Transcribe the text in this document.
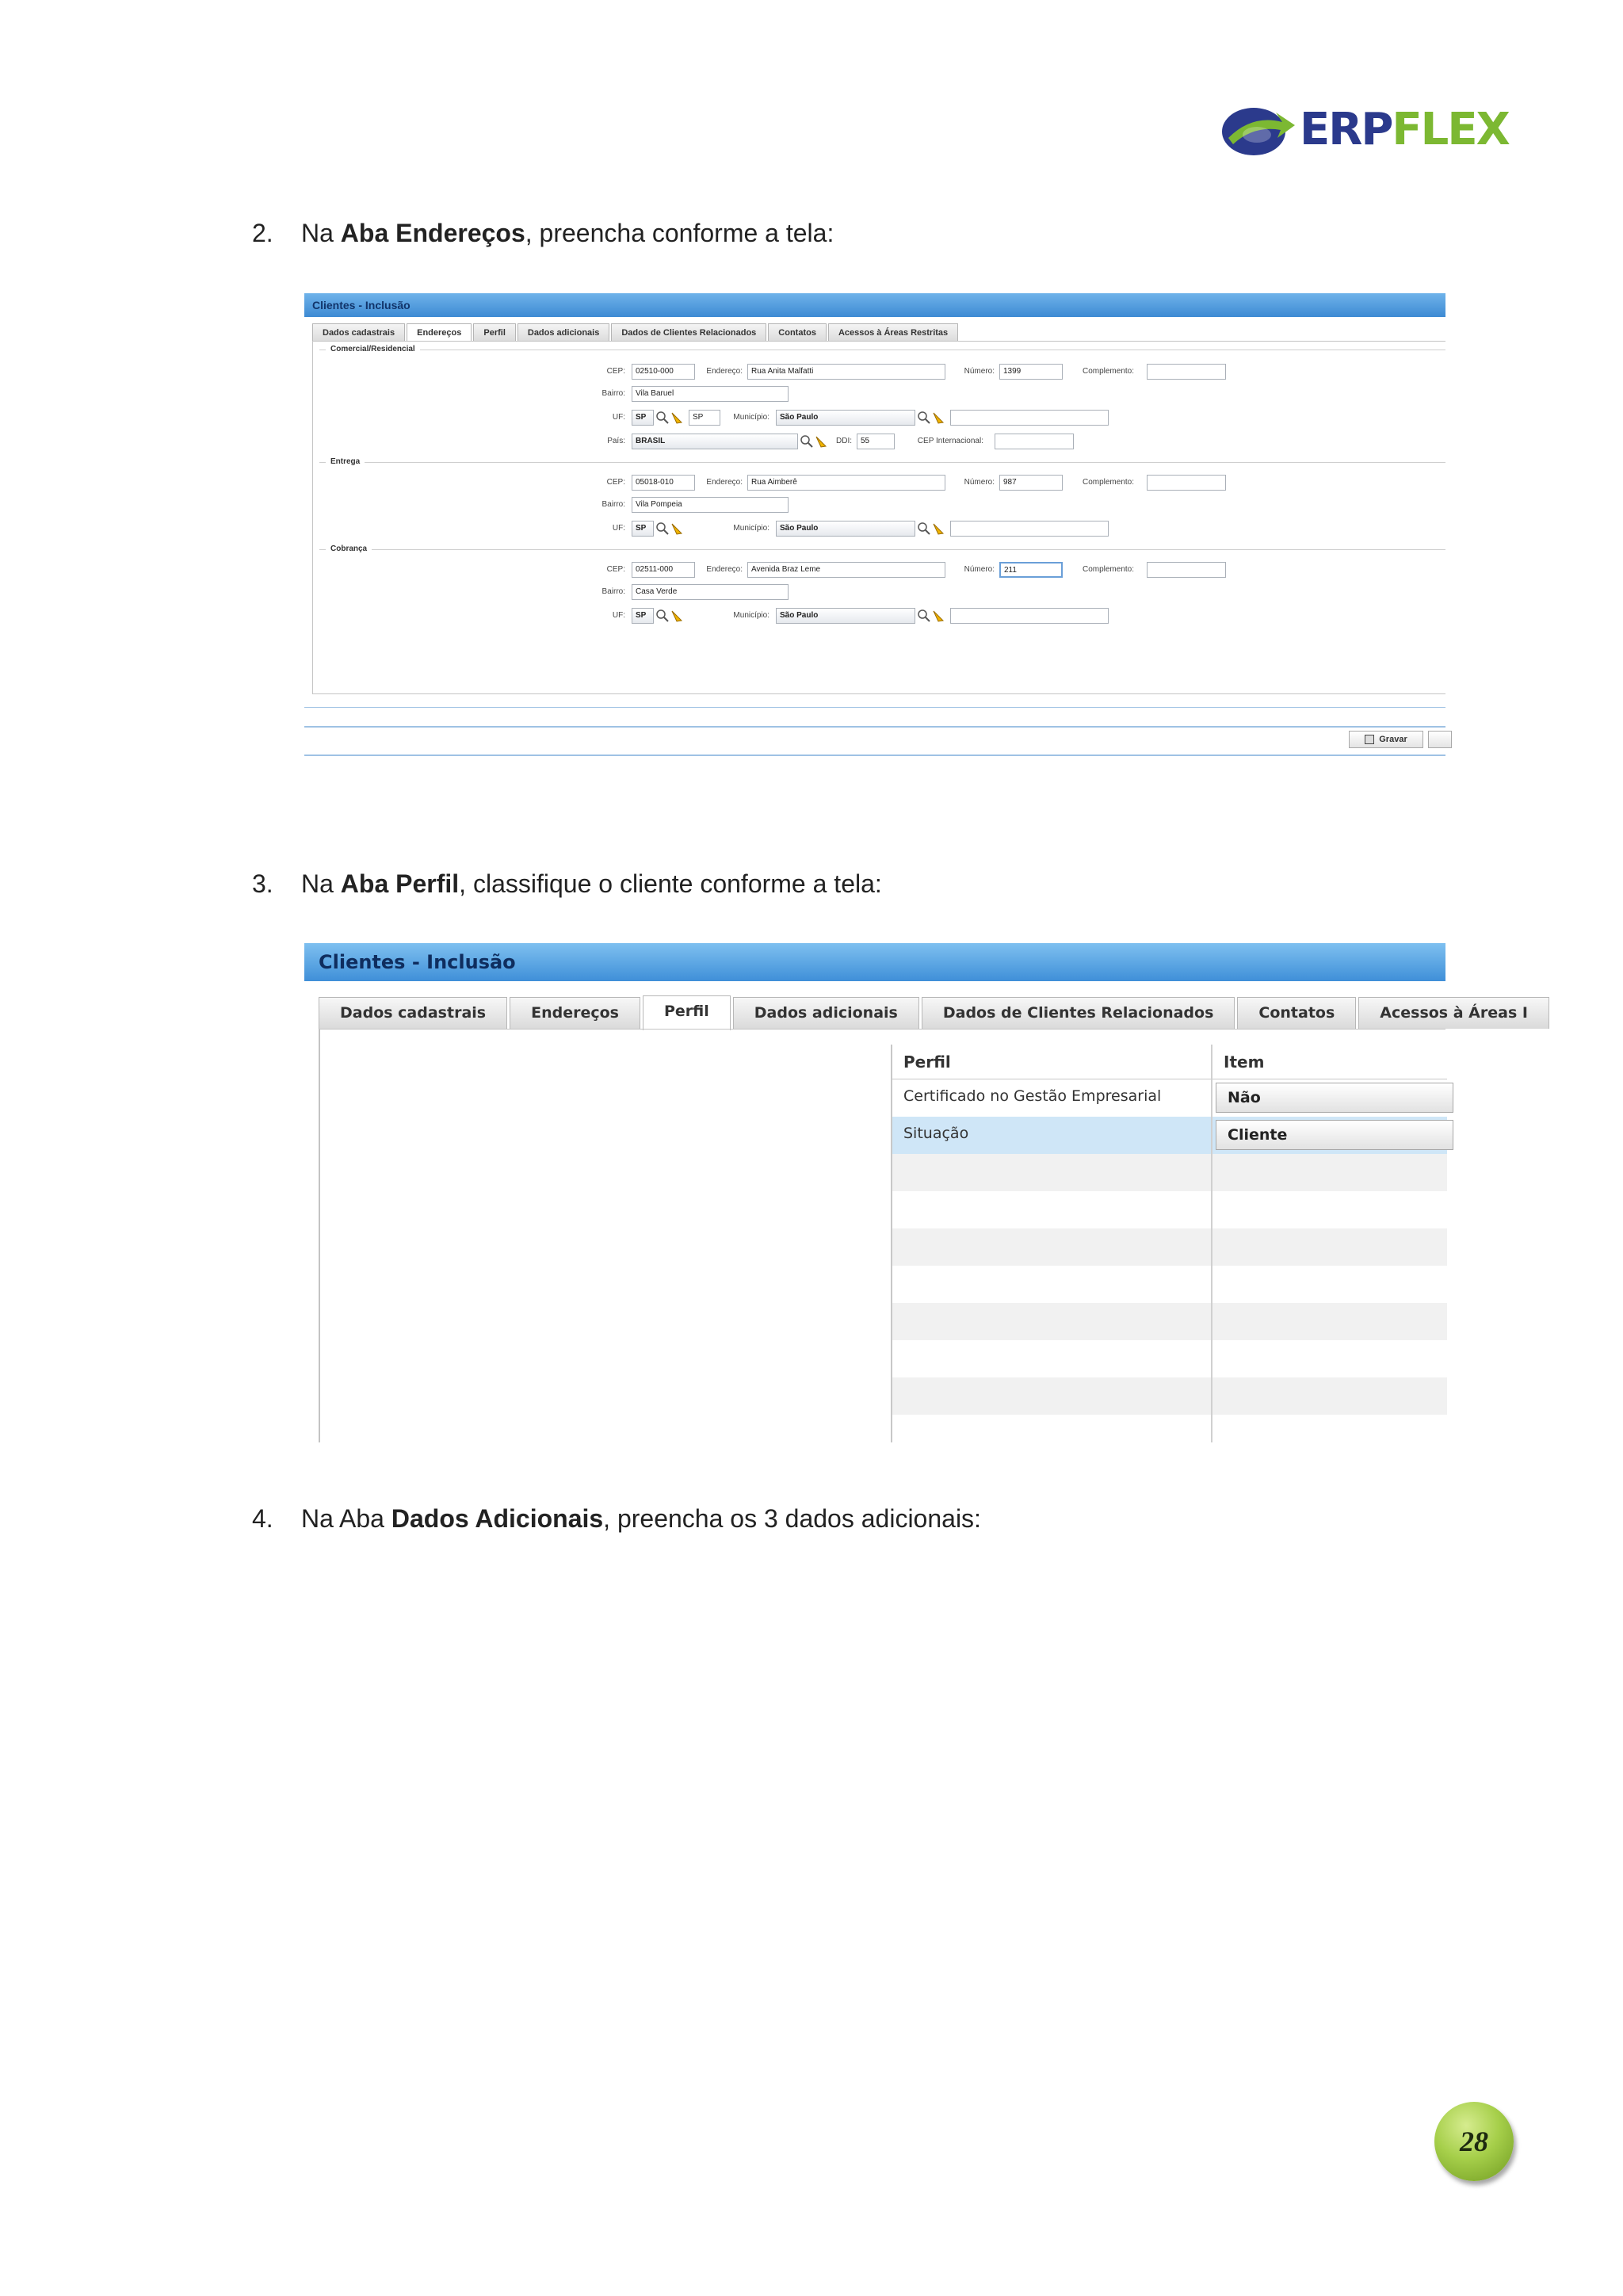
ERPFLEX
2. Na Aba Endereços, preencha conforme a tela:
Clientes - Inclusão
Dados cadastrais	Endereços	Perfil	Dados adicionais	Dados de Clientes Relacionados	Contatos	Acessos à Áreas Restritas
Comercial/Residencial
CEP:	02510-000	Endereço:	Rua Anita Malfatti	Número:	1399	Complemento:
Bairro:	Vila Baruel
UF:	SP	SP	Município:	São Paulo
País:	BRASIL	DDI:	55	CEP Internacional:
Entrega
CEP:	05018-010	Endereço:	Rua Aimberê	Número:	987	Complemento:
Bairro:	Vila Pompeia
UF:	SP	Município:	São Paulo
Cobrança
CEP:	02511-000	Endereço:	Avenida Braz Leme	Número:	211	Complemento:
Bairro:	Casa Verde
UF:	SP	Município:	São Paulo
Gravar
3. Na Aba Perfil, classifique o cliente conforme a tela:
Clientes - Inclusão
Dados cadastrais	Endereços	Perfil	Dados adicionais	Dados de Clientes Relacionados	Contatos	Acessos à Áreas I
Perfil	Item
Certificado no Gestão Empresarial	Não
Situação	Cliente
4. Na Aba Dados Adicionais, preencha os 3 dados adicionais:
28
